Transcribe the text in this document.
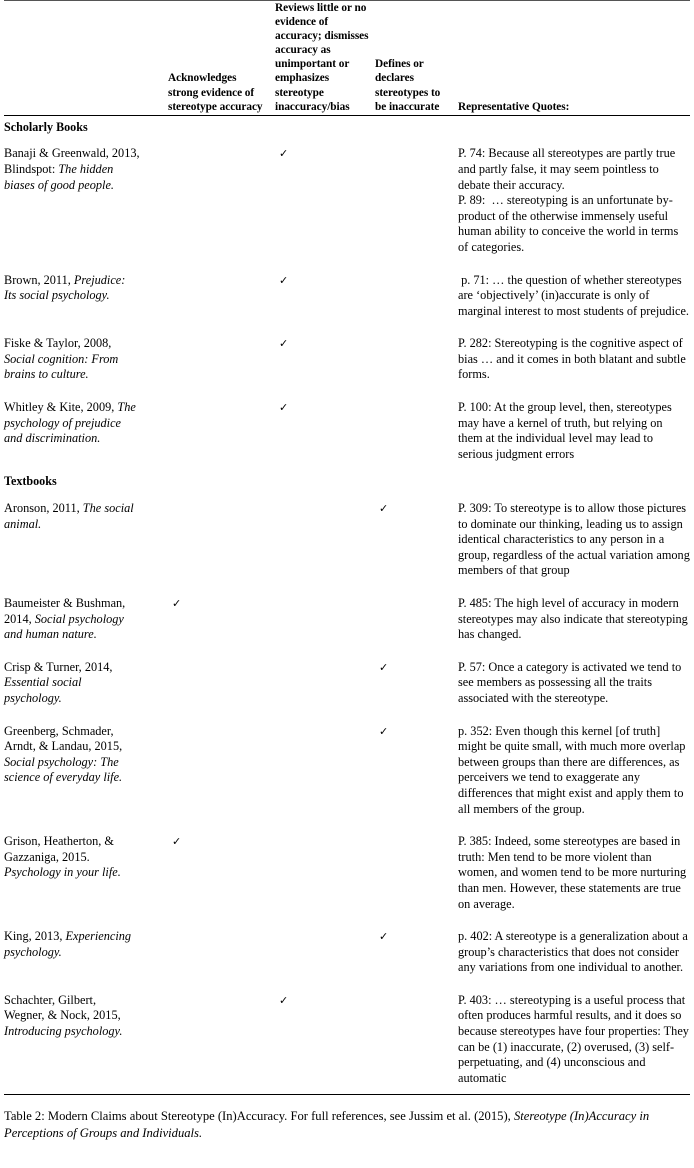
	Acknowledges strong evidence of stereotype accuracy	Reviews little or no evidence of accuracy; dismisses accuracy as unimportant or emphasizes stereotype inaccuracy/bias	Defines or declares stereotypes to be inaccurate	Representative Quotes:
Scholarly Books				
Banaji & Greenwald, 2013,
Blindspot: The hidden
biases of good people.		✓		P. 74: Because all stereotypes are partly true and partly false, it may seem pointless to debate their accuracy.
P. 89:  … stereotyping is an unfortunate by-product of the otherwise immensely useful human ability to conceive the world in terms of categories.
Brown, 2011, Prejudice:
Its social psychology.		✓		p. 71: … the question of whether stereotypes are ‘objectively’ (in)accurate is only of marginal interest to most students of prejudice.
Fiske & Taylor, 2008,
Social cognition: From
brains to culture.		✓		P. 282: Stereotyping is the cognitive aspect of bias … and it comes in both blatant and subtle forms.
Whitley & Kite, 2009, The
psychology of prejudice
and discrimination.		✓		P. 100: At the group level, then, stereotypes may have a kernel of truth, but relying on them at the individual level may lead to serious judgment errors
Textbooks				
Aronson, 2011, The social
animal.			✓	P. 309: To stereotype is to allow those pictures to dominate our thinking, leading us to assign identical characteristics to any person in a group, regardless of the actual variation among members of that group
Baumeister & Bushman,
2014, Social psychology
and human nature.	✓			P. 485: The high level of accuracy in modern stereotypes may also indicate that stereotyping has changed.
Crisp & Turner, 2014,
Essential social
psychology.			✓	P. 57: Once a category is activated we tend to see members as possessing all the traits associated with the stereotype.
Greenberg, Schmader,
Arndt, & Landau, 2015,
Social psychology: The
science of everyday life.			✓	p. 352: Even though this kernel [of truth] might be quite small, with much more overlap between groups than there are differences, as perceivers we tend to exaggerate any differences that might exist and apply them to all members of the group.
Grison, Heatherton, &
Gazzaniga, 2015.
Psychology in your life.	✓			P. 385: Indeed, some stereotypes are based in truth: Men tend to be more violent than women, and women tend to be more nurturing than men. However, these statements are true on average.
King, 2013, Experiencing
psychology.			✓	p. 402: A stereotype is a generalization about a group’s characteristics that does not consider any variations from one individual to another.
Schachter, Gilbert,
Wegner, & Nock, 2015,
Introducing psychology.		✓		P. 403: … stereotyping is a useful process that often produces harmful results, and it does so because stereotypes have four properties: They can be (1) inaccurate, (2) overused, (3) self-perpetuating, and (4) unconscious and automatic
Table 2: Modern Claims about Stereotype (In)Accuracy. For full references, see Jussim et al. (2015), Stereotype (In)Accuracy in Perceptions of Groups and Individuals.
